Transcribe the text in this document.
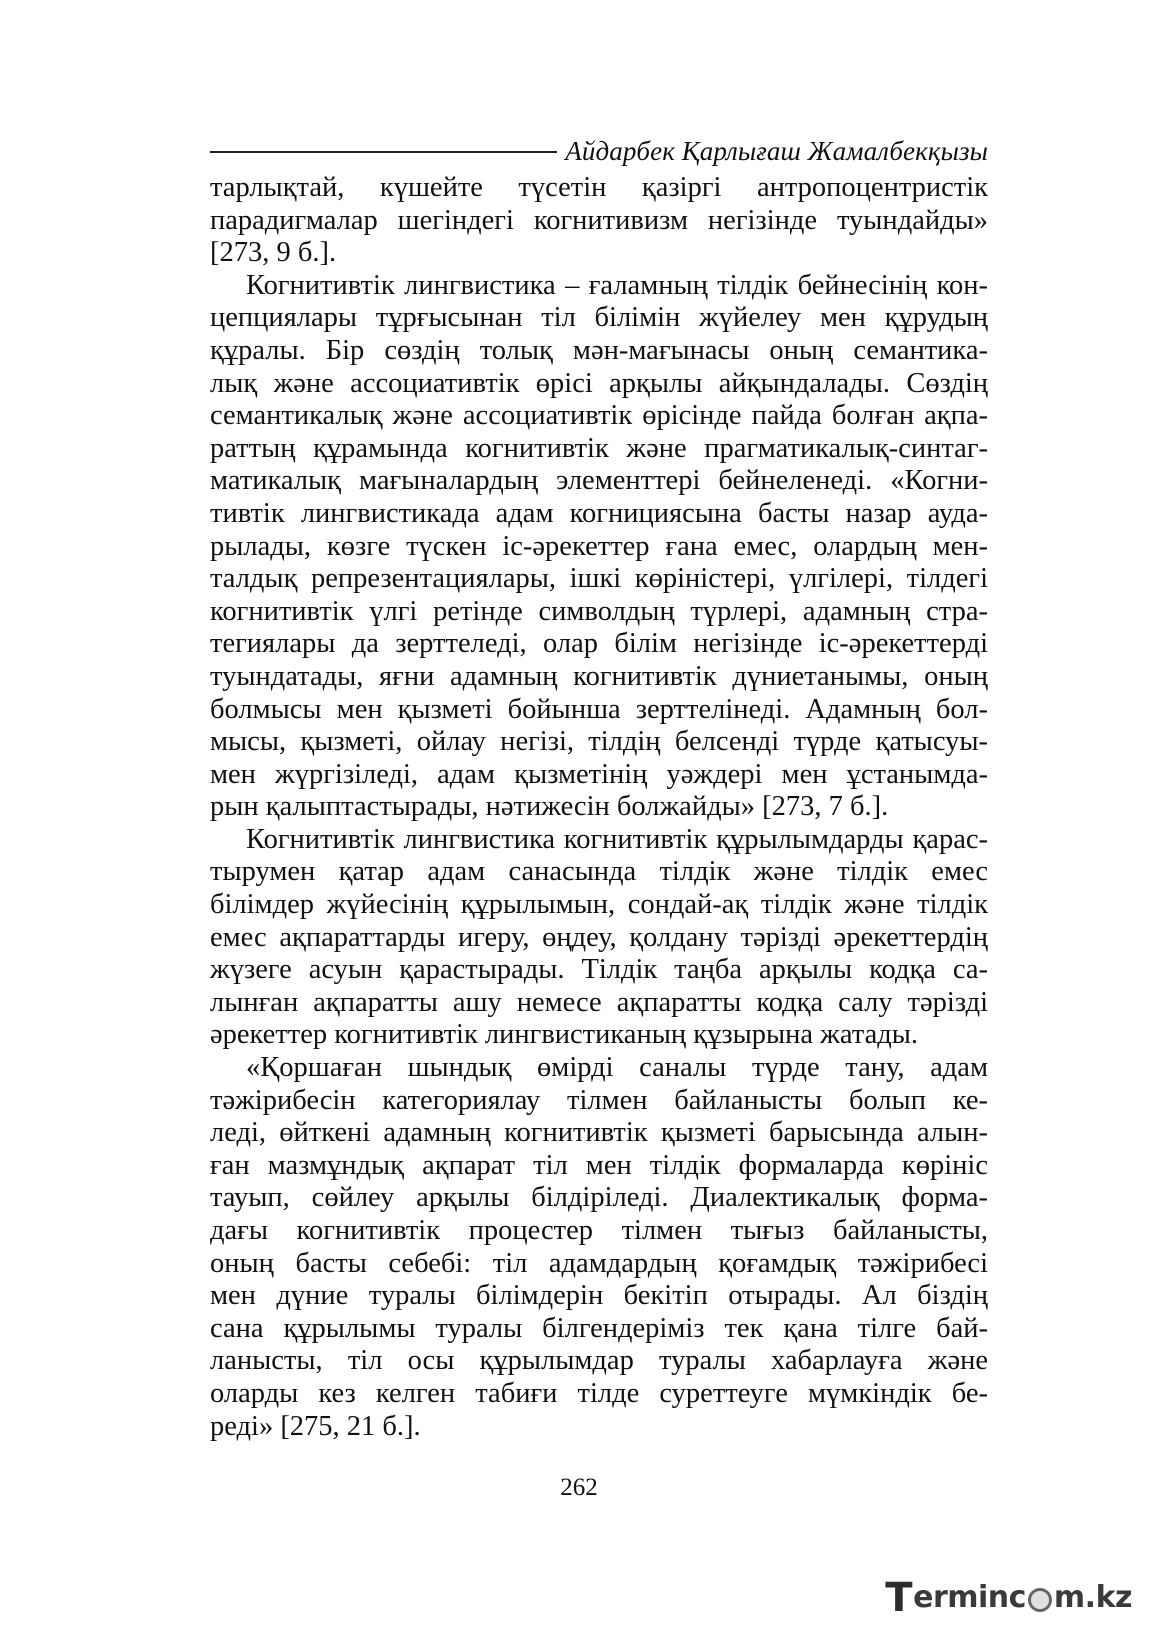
Айдарбек Қарлығаш Жамалбекқызы
тарлықтай, күшейте түсетін қазіргі антропоцентристік
парадигмалар шегіндегі когнитивизм негізінде туындайды»
[273, 9 б.].
Когнитивтік лингвистика – ғаламның тілдік бейнесінің кон-
цепциялары тұрғысынан тіл білімін жүйелеу мен құрудың
құралы. Бір сөздің толық мән-мағынасы оның семантика-
лық және ассоциативтік өрісі арқылы айқындалады. Сөздің
семантикалық және ассоциативтік өрісінде пайда болған ақпа-
раттың құрамында когнитивтік және прагматикалық-синтаг-
матикалық мағыналардың элементтері бейнеленеді. «Когни-
тивтік лингвистикада адам когнициясына басты назар ауда-
рылады, көзге түскен іс-әрекеттер ғана емес, олардың мен-
талдық репрезентациялары, ішкі көріністері, үлгілері, тілдегі
когнитивтік үлгі ретінде символдың түрлері, адамның стра-
тегиялары да зерттеледі, олар білім негізінде іс-әрекеттерді
туындатады, яғни адамның когнитивтік дүниетанымы, оның
болмысы мен қызметі бойынша зерттелінеді. Адамның бол-
мысы, қызметі, ойлау негізі, тілдің белсенді түрде қатысуы-
мен жүргізіледі, адам қызметінің уәждері мен ұстанымда-
рын қалыптастырады, нәтижесін болжайды» [273, 7 б.].
Когнитивтік лингвистика когнитивтік құрылымдарды қарас-
тырумен қатар адам санасында тілдік және тілдік емес
білімдер жүйесінің құрылымын, сондай-ақ тілдік және тілдік
емес ақпараттарды игеру, өңдеу, қолдану тәрізді әрекеттердің
жүзеге асуын қарастырады. Тілдік таңба арқылы кодқа са-
лынған ақпаратты ашу немесе ақпаратты кодқа салу тәрізді
әрекеттер когнитивтік лингвистиканың құзырына жатады.
«Қоршаған шындық өмірді саналы түрде тану, адам
тәжірибесін категориялау тілмен байланысты болып ке-
леді, өйткені адамның когнитивтік қызметі барысында алын-
ған мазмұндық ақпарат тіл мен тілдік формаларда көрініс
тауып, сөйлеу арқылы білдіріледі. Диалектикалық форма-
дағы когнитивтік процестер тілмен тығыз байланысты,
оның басты себебі: тіл адамдардың қоғамдық тәжірибесі
мен дүние туралы білімдерін бекітіп отырады. Ал біздің
сана құрылымы туралы білгендеріміз тек қана тілге бай-
ланысты, тіл осы құрылымдар туралы хабарлауға және
оларды кез келген табиғи тілде суреттеуге мүмкіндік бе-
реді» [275, 21 б.].
262
T erminc m.kz
